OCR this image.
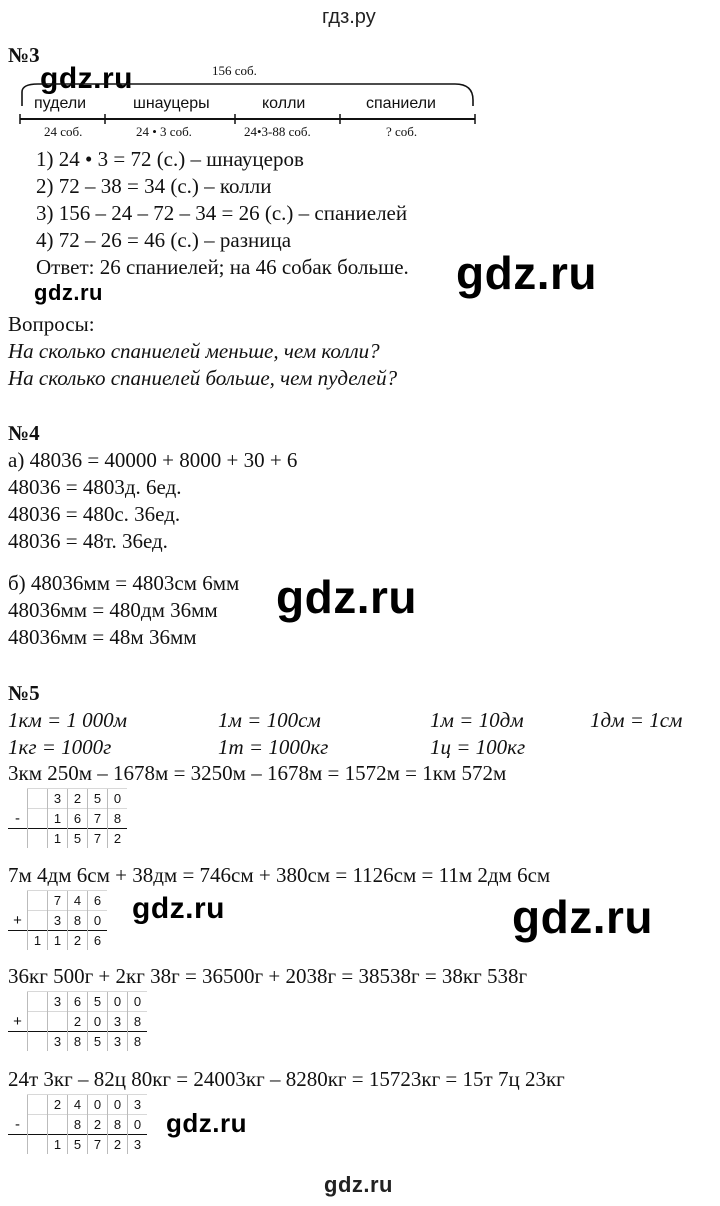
гдз.ру
№3
gdz.ru	156 соб.
пудели	шнауцеры	колли	спаниели
24 соб.	24 • 3 соб.	24•3-88 соб.	? соб.
1) 24 • 3 = 72 (с.) – шнауцеров
2) 72 – 38 = 34 (с.) – колли
3) 156 – 24 – 72 – 34 = 26 (с.) – спаниелей
4) 72 – 26 = 46 (с.) – разница
Ответ: 26 спаниелей; на 46 собак больше. gdz.ru
gdz.ru
Вопросы:
На сколько спаниелей меньше, чем колли?
На сколько спаниелей больше, чем пуделей?
№4
а) 48036 = 40000 + 8000 + 30 + 6
48036 = 4803д. 6ед.
48036 = 480с. 36ед.
48036 = 48т. 36ед.
б) 48036мм = 4803см 6мм
48036мм = 480дм 36мм
48036мм = 48м 36мм
gdz.ru
№5
1км = 1 000м	1м = 100см	1м = 10дм	1дм = 1см
1кг = 1000г	1т = 1000кг	1ц = 100кг
3км 250м – 1678м = 3250м – 1678м = 1572м = 1км 572м
		3	2	5	0
-		1	6	7	8
		1	5	7	2
7м 4дм 6см + 38дм = 746см + 380см = 1126см = 11м 2дм 6см
		7	4	6
+		3	8	0
	1	1	2	6
gdz.ru	gdz.ru
36кг 500г + 2кг 38г = 36500г + 2038г = 38538г = 38кг 538г
		3	6	5	0	0
+			2	0	3	8
		3	8	5	3	8
24т 3кг – 82ц 80кг = 24003кг – 8280кг = 15723кг = 15т 7ц 23кг
		2	4	0	0	3
-			8	2	8	0
		1	5	7	2	3
gdz.ru
gdz.ru
